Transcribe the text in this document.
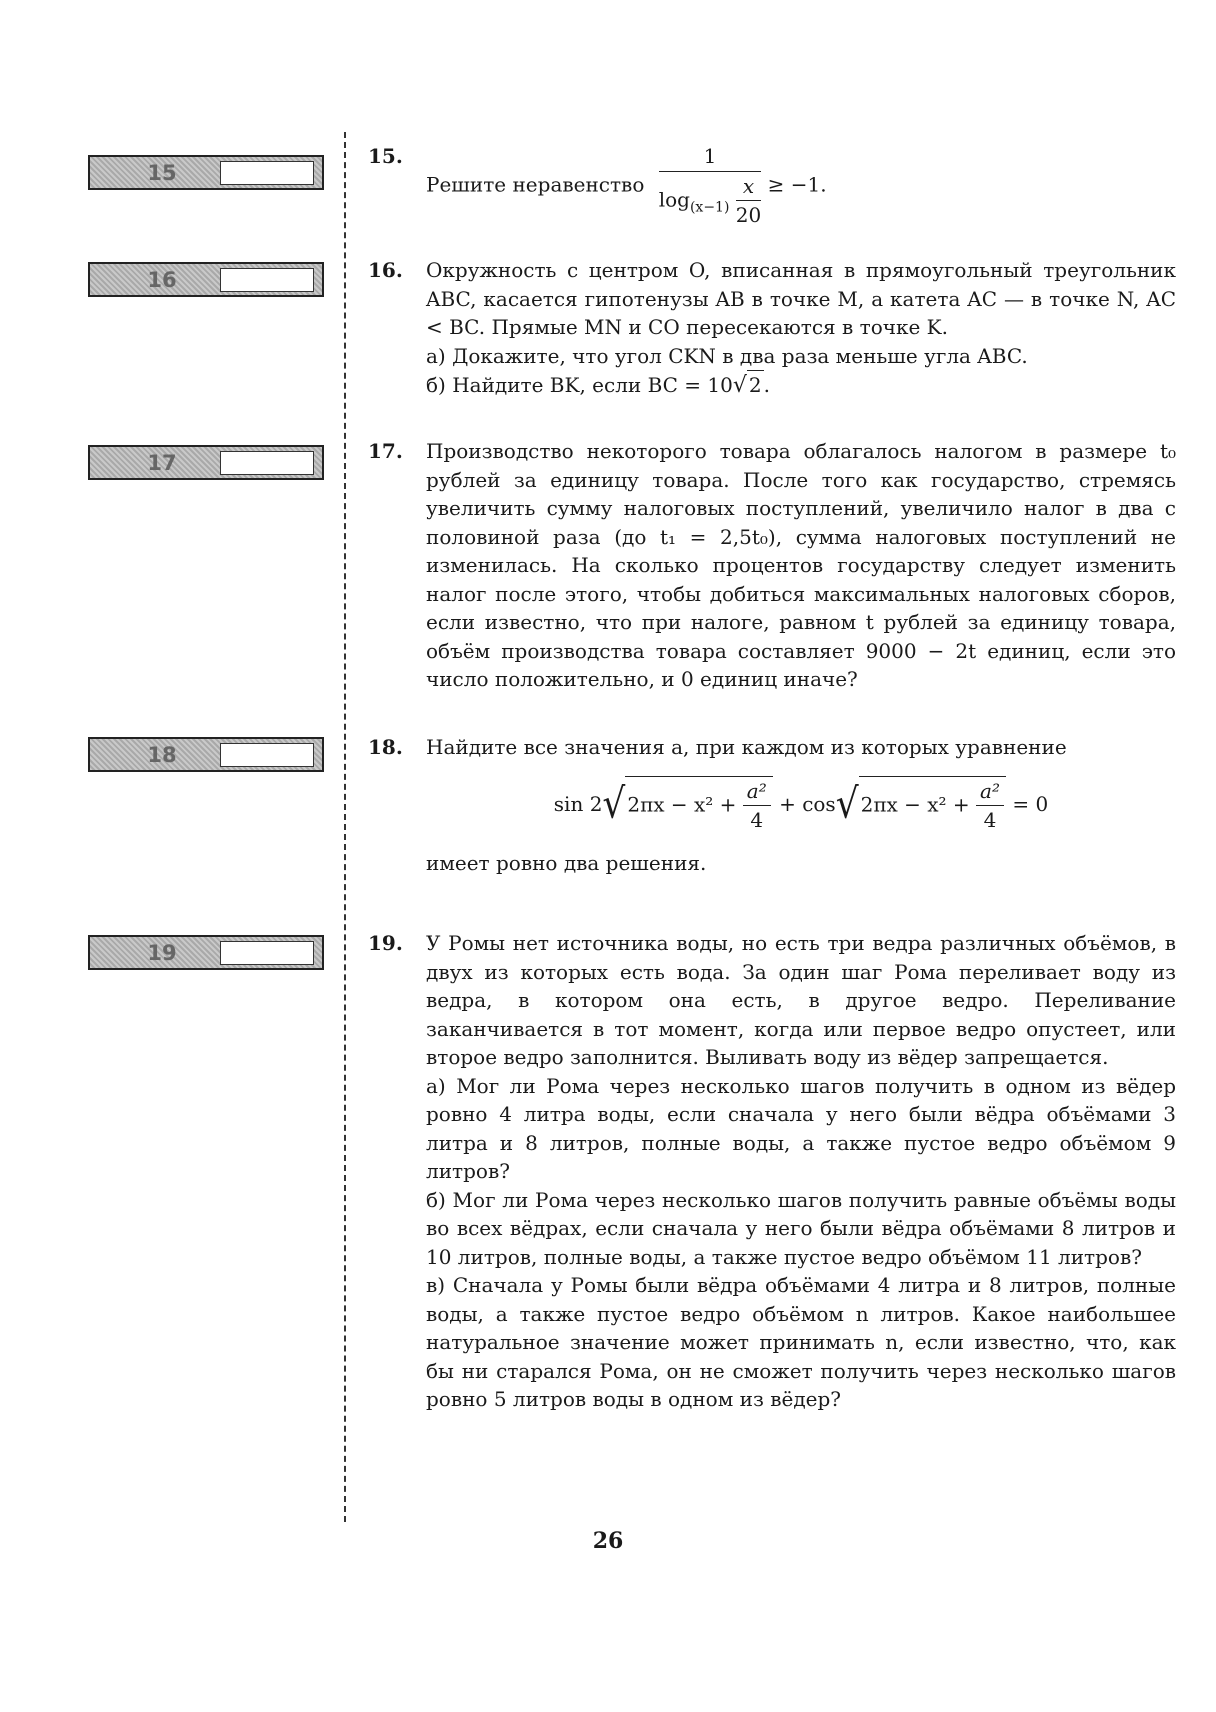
15
16
17
18
19
15.
Решите неравенство $\frac{1}{\log_{(x-1)} \frac{x}{20}} \ge -1$.
16. Окружность с центром O, вписанная в прямоугольный треугольник ABC, касается гипотенузы AB в точке M, а катета AC — в точке N, AC < BC. Прямые MN и CO пересекаются в точке K.

а) Докажите, что угол CKN в два раза меньше угла ABC.

б) Найдите BK, если BC = 10√ 2 .

17. Производство некоторого товара облагалось налогом в размере t₀ рублей за единицу товара. После того как государство, стремясь увеличить сумму налоговых поступлений, увеличило налог в два с половиной раза (до t₁ = 2,5t₀), сумма налоговых поступлений не изменилась. На сколько процентов государству следует изменить налог после этого, чтобы добиться максимальных налоговых сборов, если известно, что при налоге, равном t рублей за единицу товара, объём производства товара составляет 9000 − 2t единиц, если это число положительно, и 0 единиц иначе?

18. Найдите все значения a, при каждом из которых уравнение

sin 2√ $2\pi x - x^2 + \frac{\text{a²}}{4} + \cos√$ $2\pi x - x^2 + \frac{\text{a²}}{4} = 0$

имеет ровно два решения.

19. У Ромы нет источника воды, но есть три ведра различных объёмов, в двух из которых есть вода. За один шаг Рома переливает воду из ведра, в котором она есть, в другое ведро. Переливание заканчивается в тот момент, когда или первое ведро опустеет, или второе ведро заполнится. Выливать воду из вёдер запрещается.

а) Мог ли Рома через несколько шагов получить в одном из вёдер ровно 4 литра воды, если сначала у него были вёдра объёмами 3 литра и 8 литров, полные воды, а также пустое ведро объёмом 9 литров?

б) Мог ли Рома через несколько шагов получить равные объёмы воды во всех вёдрах, если сначала у него были вёдра объёмами 8 литров и 10 литров, полные воды, а также пустое ведро объёмом 11 литров?

в) Сначала у Ромы были вёдра объёмами 4 литра и 8 литров, полные воды, а также пустое ведро объёмом n литров. Какое наибольшее натуральное значение может принимать n, если известно, что, как бы ни старался Рома, он не сможет получить через несколько шагов ровно 5 литров воды в одном из вёдер?

26
